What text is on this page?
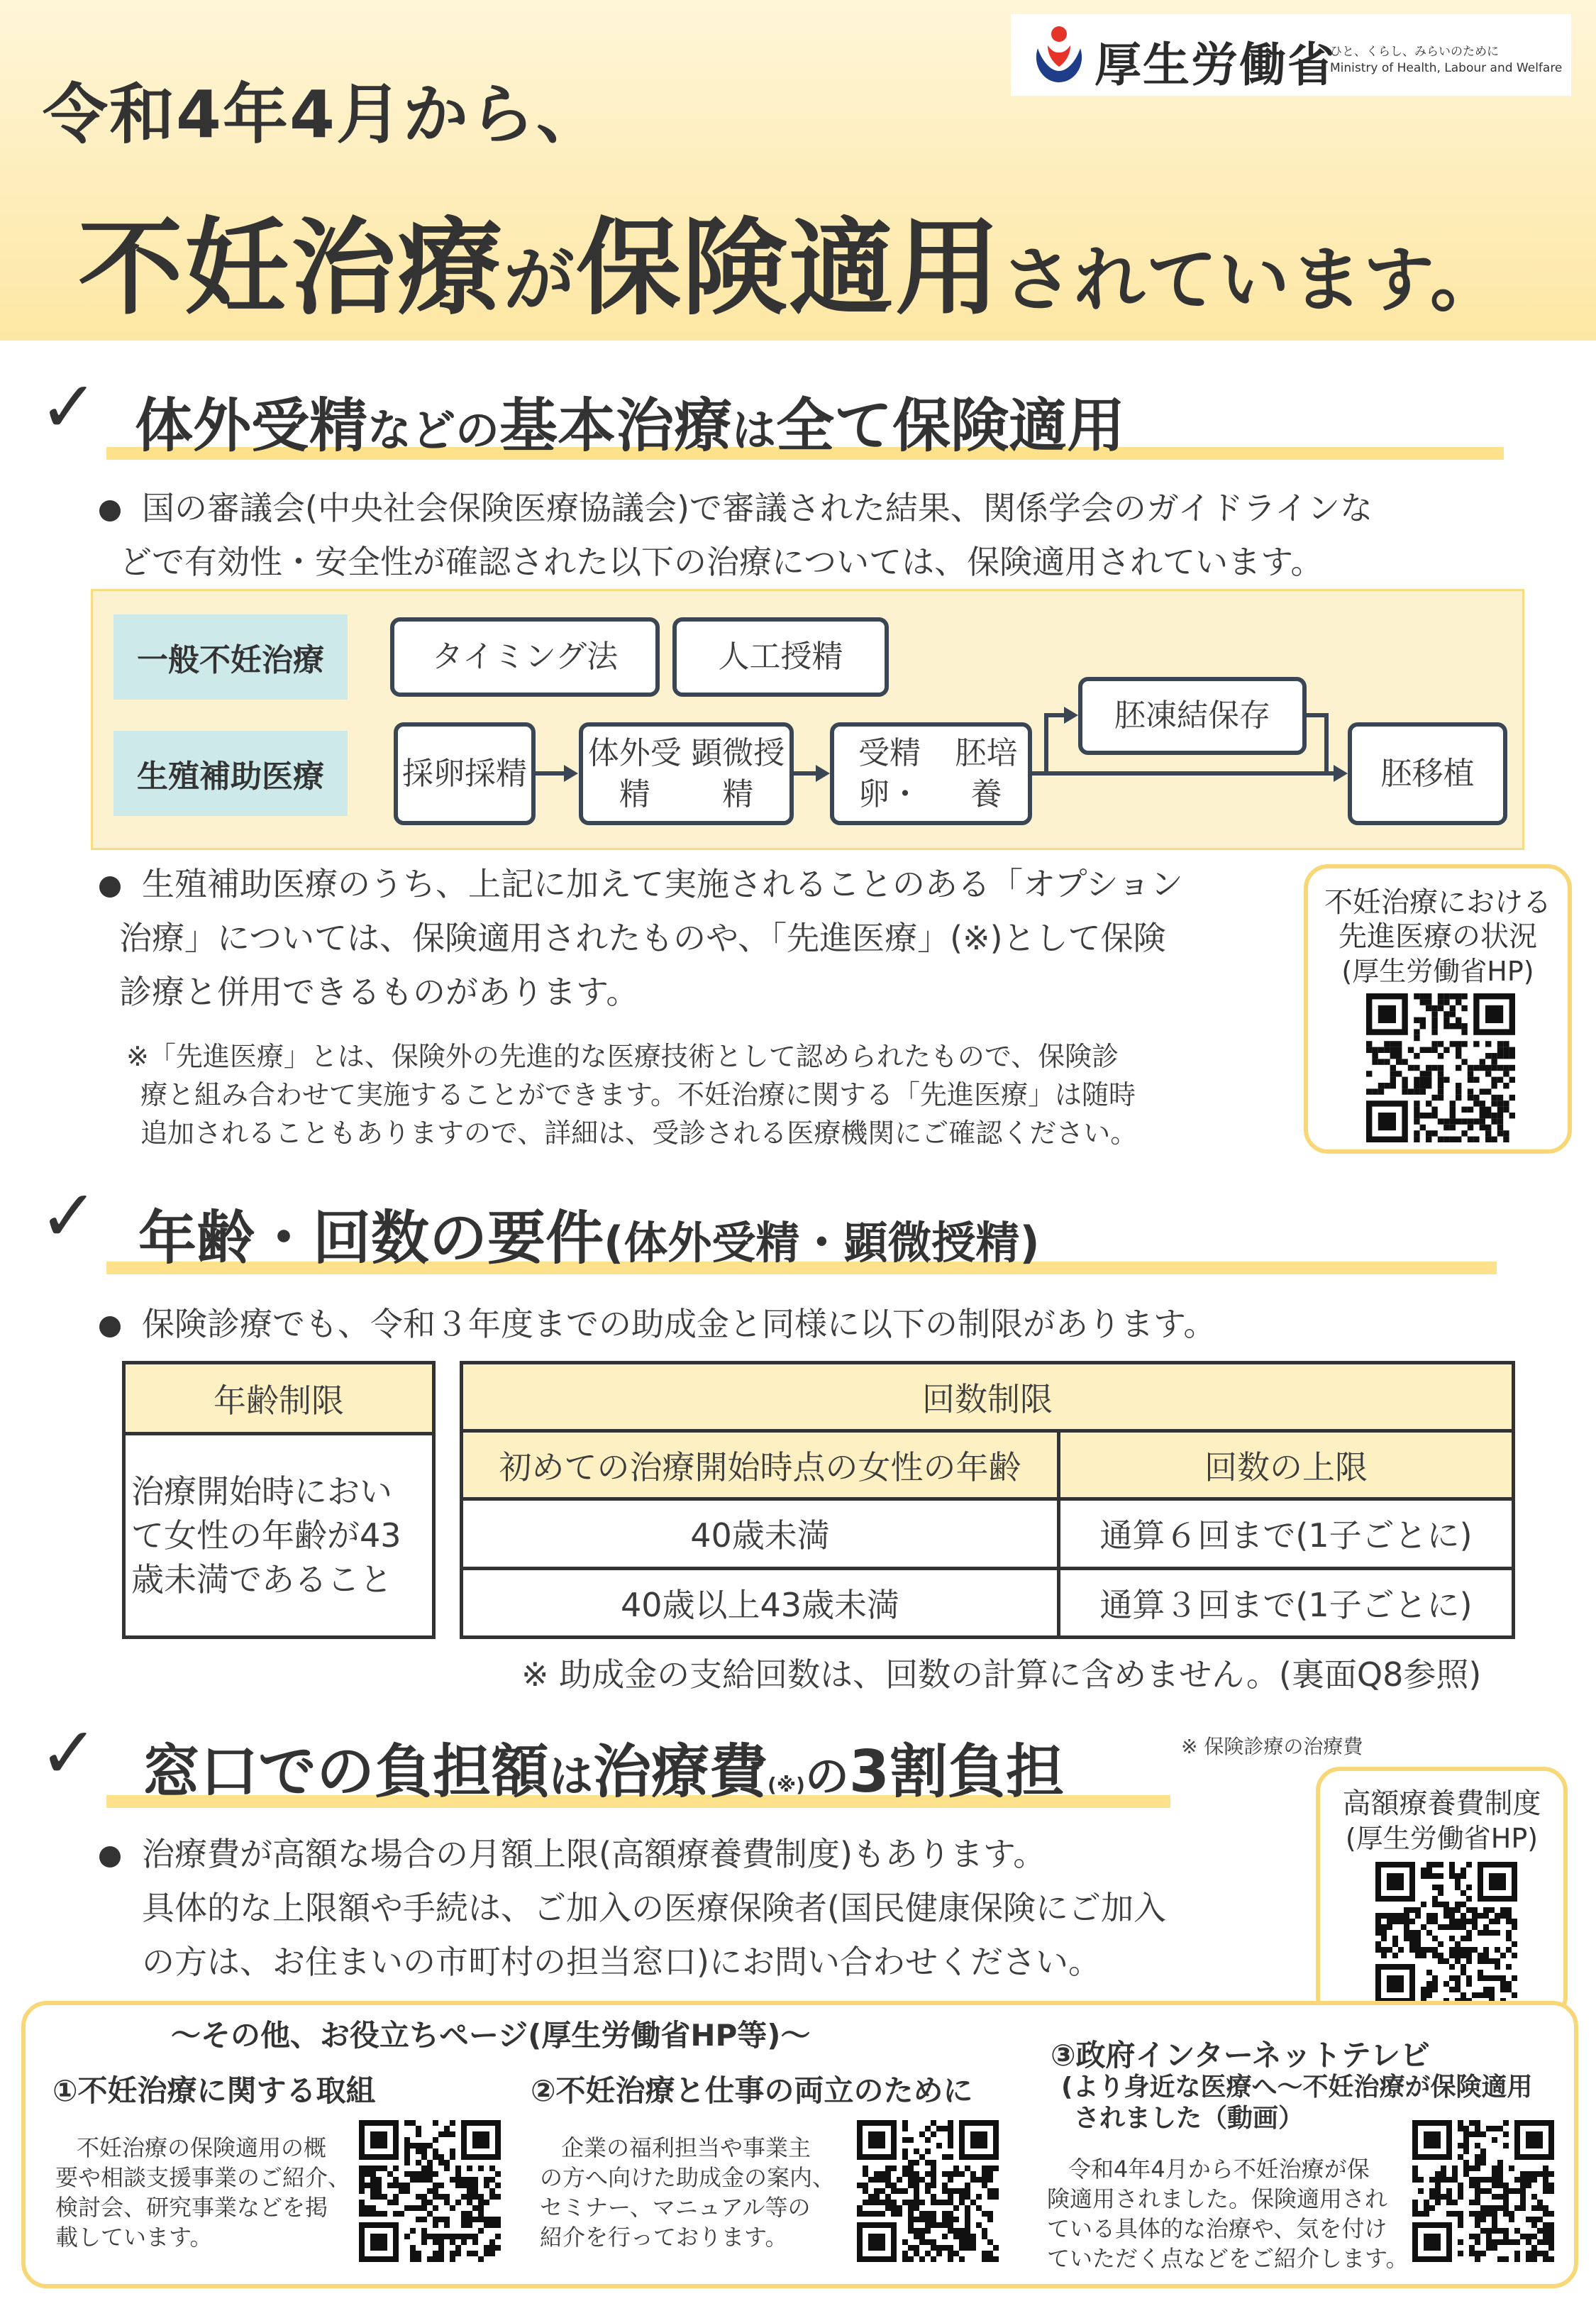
厚生労働省
ひと、くらし、みらいのために
Ministry of Health, Labour and Welfare
令和4年4月から、
不妊治療が保険適用されています。
✓ 体外受精などの基本治療は全て保険適用
国の審議会(中央社会保険医療協議会)で審議された結果、関係学会のガイドラインな
どで有効性・安全性が確認された以下の治療については、保険適用されています。
一般不妊治療
生殖補助医療
タイミング法	人工授精
採卵 採精
体外受精

顕微授精
受精卵・

胚培養
胚凍結保存
胚移植
生殖補助医療のうち、上記に加えて実施されることのある「オプション
治療」については、保険適用されたものや、「先進医療」(※)として保険
診療と併用できるものがあります。
※「先進医療」とは、保険外の先進的な医療技術として認められたもので、保険診
療と組み合わせて実施することができます。不妊治療に関する「先進医療」は随時
追加されることもありますので、詳細は、受診される医療機関にご確認ください。
不妊治療における
先進医療の状況
(厚生労働省HP)
✓ 年齢・回数の要件(体外受精・顕微授精)
保険診療でも、令和３年度までの助成金と同様に以下の制限があります。
年齢制限
治療開始時におい
て女性の年齢が43
歳未満であること
回数制限	
初めての治療開始時点の女性の年齢	回数の上限
40歳未満	通算６回まで(1子ごとに)
40歳以上43歳未満	通算３回まで(1子ごとに)
※ 助成金の支給回数は、回数の計算に含めません。(裏面Q8参照)
✓ 窓口での負担額は治療費(※)の3割負担	※ 保険診療の治療費
治療費が高額な場合の月額上限(高額療養費制度)もあります。
具体的な上限額や手続は、ご加入の医療保険者(国民健康保険にご加入
の方は、お住まいの市町村の担当窓口)にお問い合わせください。
高額療養費制度
(厚生労働省HP)
～その他、お役立ちページ(厚生労働省HP等)～
①不妊治療に関する取組
不妊治療の保険適用の概
要や相談支援事業のご紹介、
検討会、研究事業などを掲
載しています。
②不妊治療と仕事の両立のために
企業の福利担当や事業主
の方へ向けた助成金の案内、
セミナー、マニュアル等の
紹介を行っております。
③政府インターネットテレビ
(より身近な医療へ～不妊治療が保険適用
されました（動画）
令和4年4月から不妊治療が保
険適用されました。保険適用され
ている具体的な治療や、気を付け
ていただく点などをご紹介します。
